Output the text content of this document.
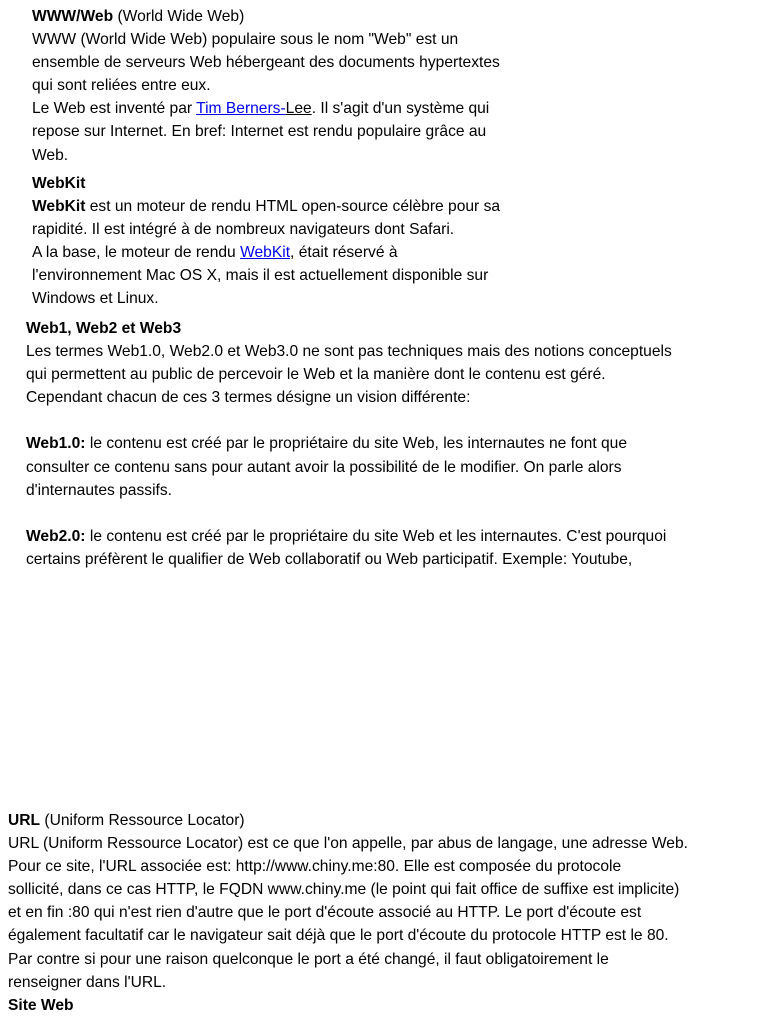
WWW/Web (World Wide Web)

WWW (World Wide Web) populaire sous le nom "Web" est un

ensemble de serveurs Web hébergeant des documents hypertextes

qui sont reliées entre eux.

Le Web est inventé par Tim Berners-Lee. Il s'agit d'un système qui

repose sur Internet. En bref: Internet est rendu populaire grâce au

Web.

WebKit

WebKit est un moteur de rendu HTML open-source célèbre pour sa

rapidité. Il est intégré à de nombreux navigateurs dont Safari.

A la base, le moteur de rendu WebKit, était réservé à

l'environnement Mac OS X, mais il est actuellement disponible sur

Windows et Linux.

Web1, Web2 et Web3

Les termes Web1.0, Web2.0 et Web3.0 ne sont pas techniques mais des notions conceptuels

qui permettent au public de percevoir le Web et la manière dont le contenu est géré.

Cependant chacun de ces 3 termes désigne un vision différente:

Web1.0: le contenu est créé par le propriétaire du site Web, les internautes ne font que

consulter ce contenu sans pour autant avoir la possibilité de le modifier. On parle alors

d'internautes passifs.

Web2.0: le contenu est créé par le propriétaire du site Web et les internautes. C'est pourquoi

certains préfèrent le qualifier de Web collaboratif ou Web participatif. Exemple: Youtube,

URL (Uniform Ressource Locator)

URL (Uniform Ressource Locator) est ce que l'on appelle, par abus de langage, une adresse Web.

Pour ce site, l'URL associée est: http://www.chiny.me:80. Elle est composée du protocole

sollicité, dans ce cas HTTP, le FQDN www.chiny.me (le point qui fait office de suffixe est implicite)

et en fin :80 qui n'est rien d'autre que le port d'écoute associé au HTTP. Le port d'écoute est

également facultatif car le navigateur sait déjà que le port d'écoute du protocole HTTP est le 80.

Par contre si pour une raison quelconque le port a été changé, il faut obligatoirement le

renseigner dans l'URL.

Site Web
